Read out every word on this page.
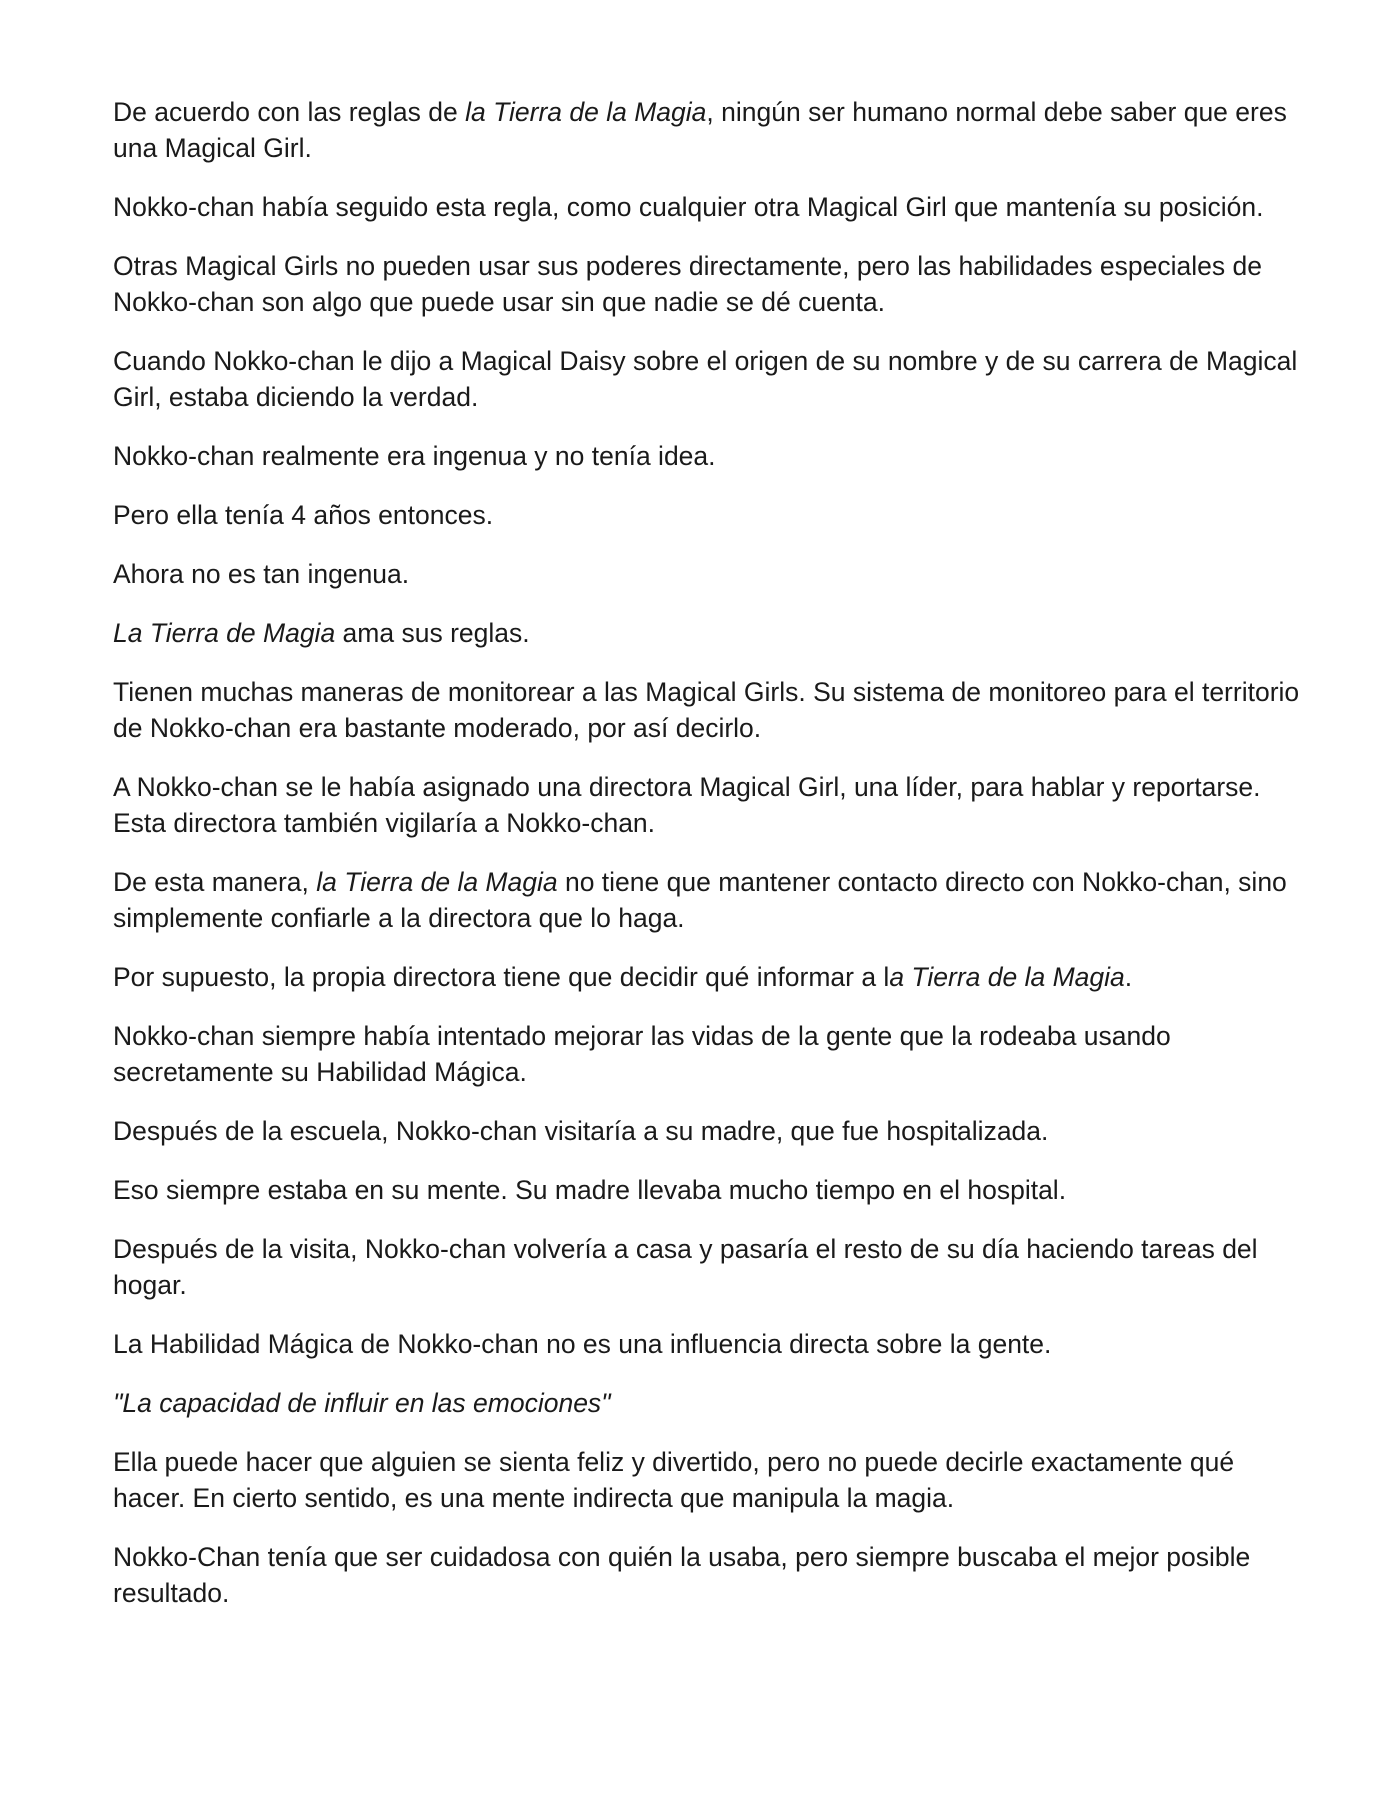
De acuerdo con las reglas de la Tierra de la Magia, ningún ser humano normal debe saber que eres una Magical Girl.

Nokko-chan había seguido esta regla, como cualquier otra Magical Girl que mantenía su posición.

Otras Magical Girls no pueden usar sus poderes directamente, pero las habilidades especiales de Nokko-chan son algo que puede usar sin que nadie se dé cuenta.

Cuando Nokko-chan le dijo a Magical Daisy sobre el origen de su nombre y de su carrera de Magical Girl, estaba diciendo la verdad.

Nokko-chan realmente era ingenua y no tenía idea.

Pero ella tenía 4 años entonces.

Ahora no es tan ingenua.

La Tierra de Magia ama sus reglas.

Tienen muchas maneras de monitorear a las Magical Girls. Su sistema de monitoreo para el territorio de Nokko-chan era bastante moderado, por así decirlo.

A Nokko-chan se le había asignado una directora Magical Girl, una líder, para hablar y reportarse. Esta directora también vigilaría a Nokko-chan.

De esta manera, la Tierra de la Magia no tiene que mantener contacto directo con Nokko-chan, sino simplemente confiarle a la directora que lo haga.

Por supuesto, la propia directora tiene que decidir qué informar a la Tierra de la Magia.

Nokko-chan siempre había intentado mejorar las vidas de la gente que la rodeaba usando secretamente su Habilidad Mágica.

Después de la escuela, Nokko-chan visitaría a su madre, que fue hospitalizada.

Eso siempre estaba en su mente. Su madre llevaba mucho tiempo en el hospital.

Después de la visita, Nokko-chan volvería a casa y pasaría el resto de su día haciendo tareas del hogar.

La Habilidad Mágica de Nokko-chan no es una influencia directa sobre la gente.

"La capacidad de influir en las emociones"

Ella puede hacer que alguien se sienta feliz y divertido, pero no puede decirle exactamente qué hacer. En cierto sentido, es una mente indirecta que manipula la magia.

Nokko-Chan tenía que ser cuidadosa con quién la usaba, pero siempre buscaba el mejor posible resultado.
